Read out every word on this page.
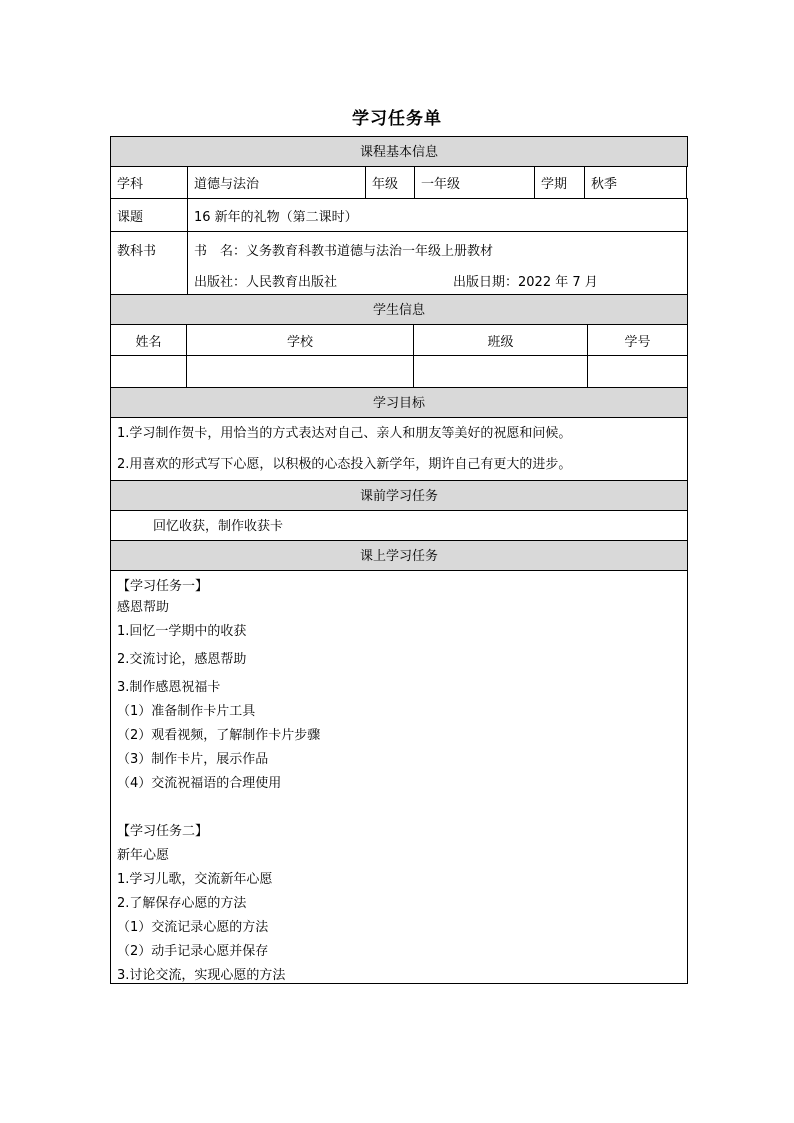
学习任务单
课程基本信息
学科	道德与法治	年级	一年级	学期	秋季
课题	16 新年的礼物（第二课时）
教科书	书　名：义务教育科教书道德与法治一年级上册教材
出版社：人民教育出版社	出版日期：2022 年 7 月
学生信息
姓名	学校	班级	学号
学习目标
1.学习制作贺卡，用恰当的方式表达对自己、亲人和朋友等美好的祝愿和问候。
2.用喜欢的形式写下心愿，以积极的心态投入新学年，期许自己有更大的进步。
课前学习任务
回忆收获，制作收获卡
课上学习任务
【学习任务一】
感恩帮助
1.回忆一学期中的收获
2.交流讨论，感恩帮助
3.制作感恩祝福卡
（1）准备制作卡片工具
（2）观看视频，了解制作卡片步骤
（3）制作卡片，展示作品
（4）交流祝福语的合理使用
【学习任务二】
新年心愿
1.学习儿歌，交流新年心愿
2.了解保存心愿的方法
（1）交流记录心愿的方法
（2）动手记录心愿并保存
3.讨论交流，实现心愿的方法
